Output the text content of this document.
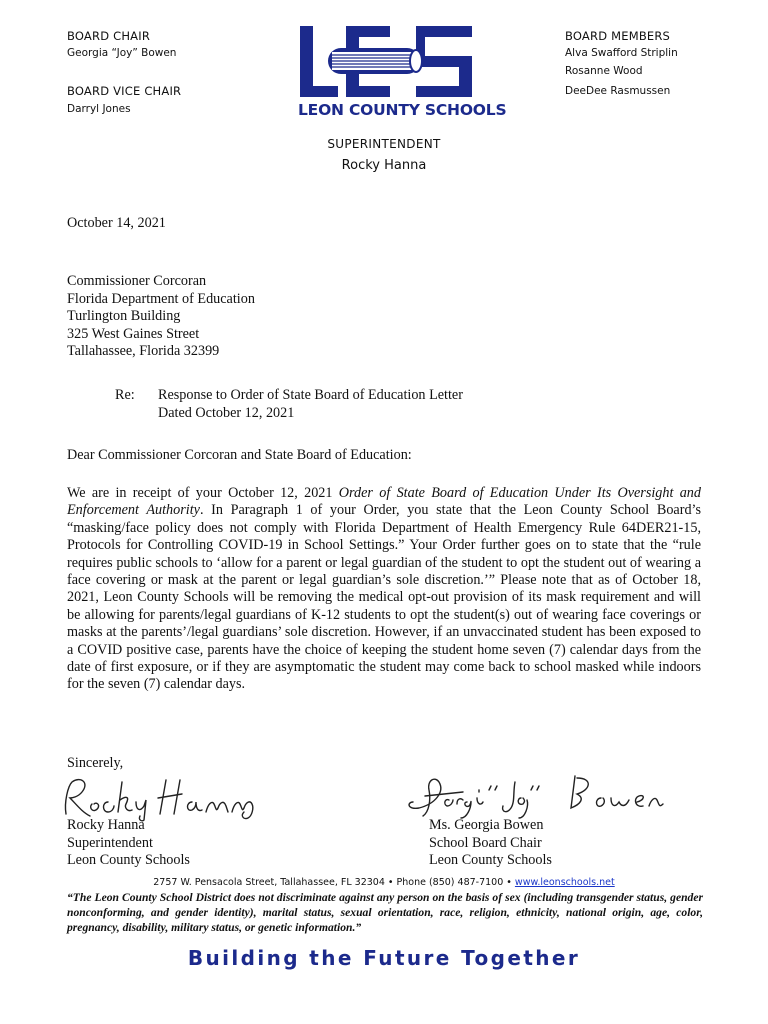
BOARD CHAIR
Georgia “Joy” Bowen
BOARD VICE CHAIR
Darryl Jones
BOARD MEMBERS
Alva Swafford Striplin
Rosanne Wood
DeeDee Rasmussen
LEON COUNTY SCHOOLS
SUPERINTENDENT
Rocky Hanna
October 14, 2021
Commissioner Corcoran
Florida Department of Education
Turlington Building
325 West Gaines Street
Tallahassee, Florida 32399
Re: Response to Order of State Board of Education Letter
Dated October 12, 2021
Dear Commissioner Corcoran and State Board of Education:

We are in receipt of your October 12, 2021 Order of State Board of Education Under Its Oversight and Enforcement Authority. In Paragraph 1 of your Order, you state that the Leon County School Board’s “masking/face policy does not comply with Florida Department of Health Emergency Rule 64DER21-15, Protocols for Controlling COVID-19 in School Settings.” Your Order further goes on to state that the “rule requires public schools to ‘allow for a parent or legal guardian of the student to opt the student out of wearing a face covering or mask at the parent or legal guardian’s sole discretion.’” Please note that as of October 18, 2021, Leon County Schools will be removing the medical opt-out provision of its mask requirement and will be allowing for parents/legal guardians of K-12 students to opt the student(s) out of wearing face coverings or masks at the parents’/legal guardians’ sole discretion. However, if an unvaccinated student has been exposed to a COVID positive case, parents have the choice of keeping the student home seven (7) calendar days from the date of first exposure, or if they are asymptomatic the student may come back to school masked while indoors for the seven (7) calendar days.

Sincerely,
Rocky Hanna
Superintendent
Leon County Schools
Ms. Georgia Bowen
School Board Chair
Leon County Schools
2757 W. Pensacola Street, Tallahassee, FL 32304 • Phone (850) 487-7100 • www.leonschools.net

“The Leon County School District does not discriminate against any person on the basis of sex (including transgender status, gender nonconforming, and gender identity), marital status, sexual orientation, race, religion, ethnicity, national origin, age, color, pregnancy, disability, military status, or genetic information.”

Building the Future Together
